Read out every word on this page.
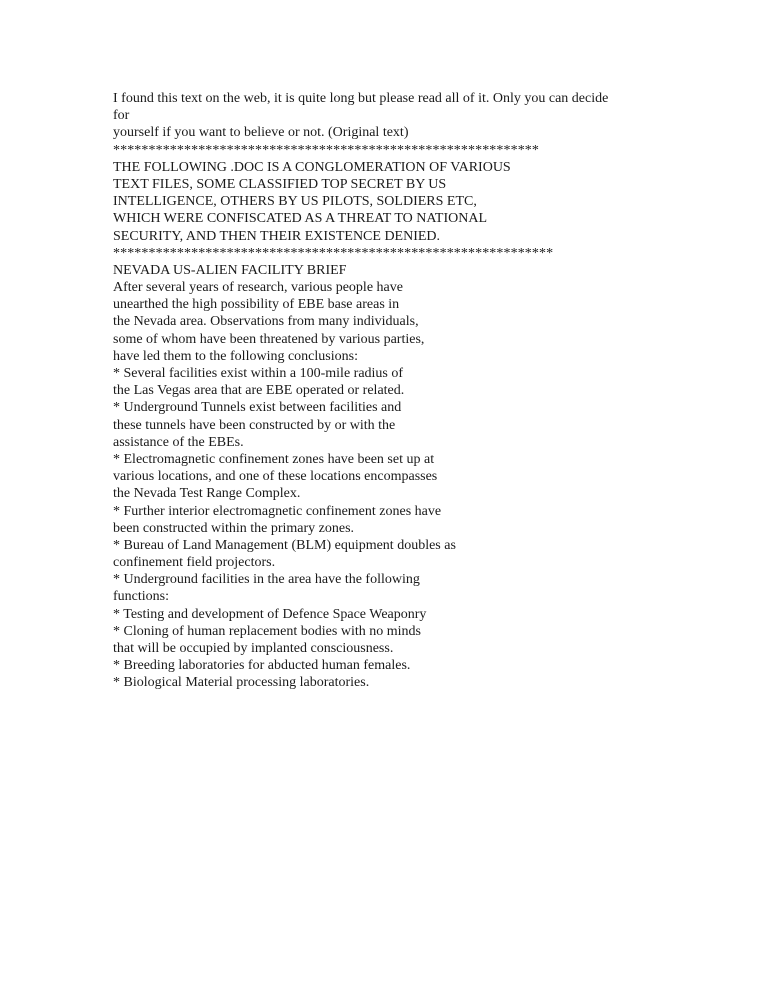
I found this text on the web, it is quite long but please read all of it. Only you can decide
for
yourself if you want to believe or not. (Original text)
************************************************************
THE FOLLOWING .DOC IS A CONGLOMERATION OF VARIOUS
TEXT FILES, SOME CLASSIFIED TOP SECRET BY US
INTELLIGENCE, OTHERS BY US PILOTS, SOLDIERS ETC,
WHICH WERE CONFISCATED AS A THREAT TO NATIONAL
SECURITY, AND THEN THEIR EXISTENCE DENIED.
**************************************************************
NEVADA US-ALIEN FACILITY BRIEF
After several years of research, various people have
unearthed the high possibility of EBE base areas in
the Nevada area. Observations from many individuals,
some of whom have been threatened by various parties,
have led them to the following conclusions:
* Several facilities exist within a 100-mile radius of
the Las Vegas area that are EBE operated or related.
* Underground Tunnels exist between facilities and
these tunnels have been constructed by or with the
assistance of the EBEs.
* Electromagnetic confinement zones have been set up at
various locations, and one of these locations encompasses
the Nevada Test Range Complex.
* Further interior electromagnetic confinement zones have
been constructed within the primary zones.
* Bureau of Land Management (BLM) equipment doubles as
confinement field projectors.
* Underground facilities in the area have the following
functions:
* Testing and development of Defence Space Weaponry
* Cloning of human replacement bodies with no minds
that will be occupied by implanted consciousness.
* Breeding laboratories for abducted human females.
* Biological Material processing laboratories.
